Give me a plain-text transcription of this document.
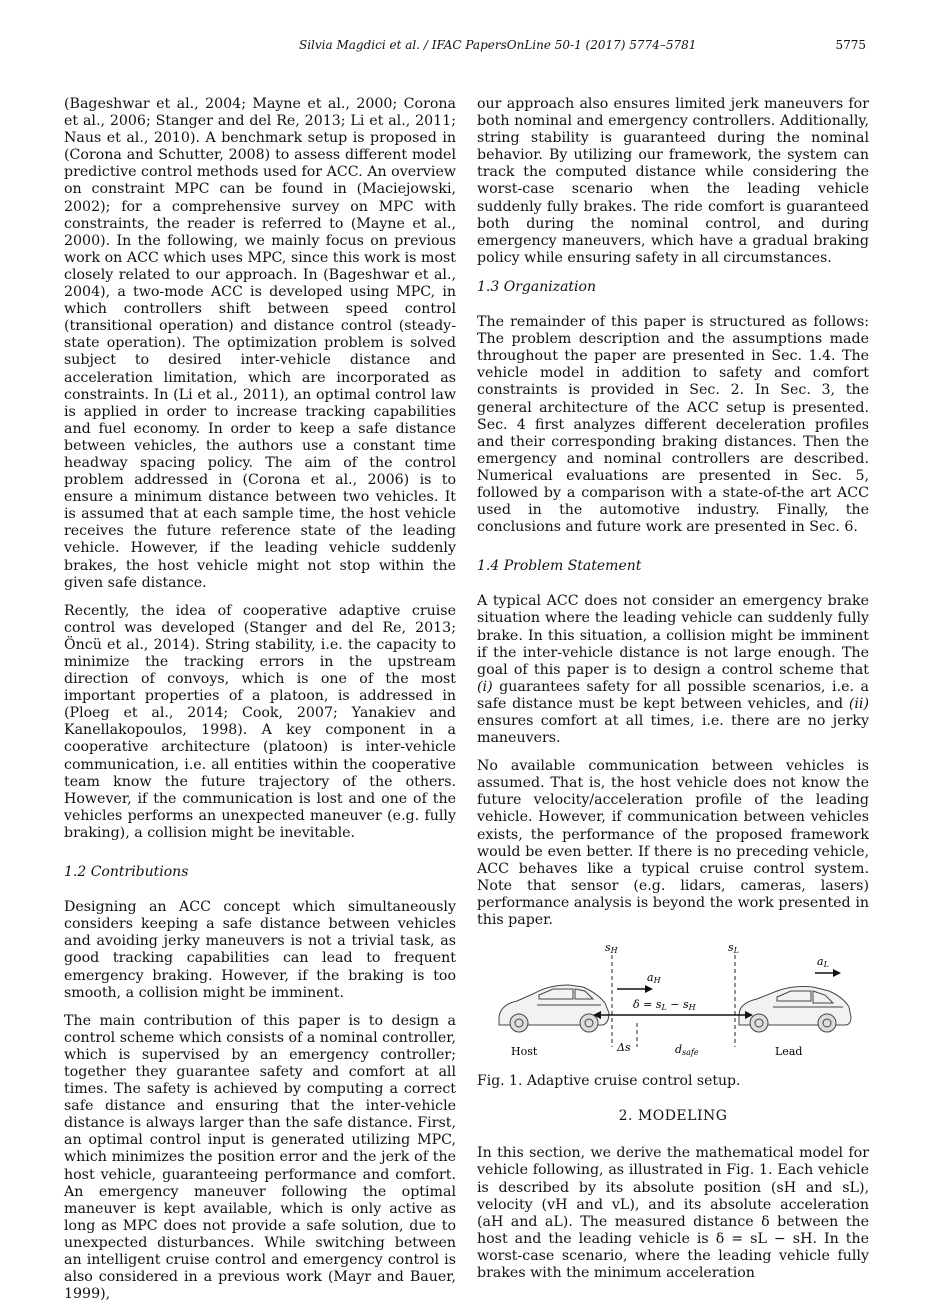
Silvia Magdici et al. / IFAC PapersOnLine 50-1 (2017) 5774–5781	5775

(Bageshwar et al., 2004; Mayne et al., 2000; Corona et al., 2006; Stanger and del Re, 2013; Li et al., 2011; Naus et al., 2010). A benchmark setup is proposed in (Corona and Schutter, 2008) to assess different model predictive control methods used for ACC. An overview on constraint MPC can be found in (Maciejowski, 2002); for a comprehensive survey on MPC with constraints, the reader is referred to (Mayne et al., 2000). In the following, we mainly focus on previous work on ACC which uses MPC, since this work is most closely related to our approach. In (Bageshwar et al., 2004), a two-mode ACC is developed using MPC, in which controllers shift between speed control (transitional operation) and distance control (steady-state operation). The optimization problem is solved subject to desired inter-vehicle distance and acceleration limitation, which are incorporated as constraints. In (Li et al., 2011), an optimal control law is applied in order to increase tracking capabilities and fuel economy. In order to keep a safe distance between vehicles, the authors use a constant time headway spacing policy. The aim of the control problem addressed in (Corona et al., 2006) is to ensure a minimum distance between two vehicles. It is assumed that at each sample time, the host vehicle receives the future reference state of the leading vehicle. However, if the leading vehicle suddenly brakes, the host vehicle might not stop within the given safe distance.

Recently, the idea of cooperative adaptive cruise control was developed (Stanger and del Re, 2013; Öncü et al., 2014). String stability, i.e. the capacity to minimize the tracking errors in the upstream direction of convoys, which is one of the most important properties of a platoon, is addressed in (Ploeg et al., 2014; Cook, 2007; Yanakiev and Kanellakopoulos, 1998). A key component in a cooperative architecture (platoon) is inter-vehicle communication, i.e. all entities within the cooperative team know the future trajectory of the others. However, if the communication is lost and one of the vehicles performs an unexpected maneuver (e.g. fully braking), a collision might be inevitable.

1.2 Contributions

Designing an ACC concept which simultaneously considers keeping a safe distance between vehicles and avoiding jerky maneuvers is not a trivial task, as good tracking capabilities can lead to frequent emergency braking. However, if the braking is too smooth, a collision might be imminent.

The main contribution of this paper is to design a control scheme which consists of a nominal controller, which is supervised by an emergency controller; together they guarantee safety and comfort at all times. The safety is achieved by computing a correct safe distance and ensuring that the inter-vehicle distance is always larger than the safe distance. First, an optimal control input is generated utilizing MPC, which minimizes the position error and the jerk of the host vehicle, guaranteeing performance and comfort. An emergency maneuver following the optimal maneuver is kept available, which is only active as long as MPC does not provide a safe solution, due to unexpected disturbances. While switching between an intelligent cruise control and emergency control is also considered in a previous work (Mayr and Bauer, 1999),

our approach also ensures limited jerk maneuvers for both nominal and emergency controllers. Additionally, string stability is guaranteed during the nominal behavior. By utilizing our framework, the system can track the computed distance while considering the worst-case scenario when the leading vehicle suddenly fully brakes. The ride comfort is guaranteed both during the nominal control, and during emergency maneuvers, which have a gradual braking policy while ensuring safety in all circumstances.

1.3 Organization

The remainder of this paper is structured as follows: The problem description and the assumptions made throughout the paper are presented in Sec. 1.4. The vehicle model in addition to safety and comfort constraints is provided in Sec. 2. In Sec. 3, the general architecture of the ACC setup is presented. Sec. 4 first analyzes different deceleration profiles and their corresponding braking distances. Then the emergency and nominal controllers are described. Numerical evaluations are presented in Sec. 5, followed by a comparison with a state-of-the art ACC used in the automotive industry. Finally, the conclusions and future work are presented in Sec. 6.

1.4 Problem Statement

A typical ACC does not consider an emergency brake situation where the leading vehicle can suddenly fully brake. In this situation, a collision might be imminent if the inter-vehicle distance is not large enough. The goal of this paper is to design a control scheme that (i) guarantees safety for all possible scenarios, i.e. a safe distance must be kept between vehicles, and (ii) ensures comfort at all times, i.e. there are no jerky maneuvers.

No available communication between vehicles is assumed. That is, the host vehicle does not know the future velocity/acceleration profile of the leading vehicle. However, if communication between vehicles exists, the performance of the proposed framework would be even better. If there is no preceding vehicle, ACC behaves like a typical cruise control system. Note that sensor (e.g. lidars, cameras, lasers) performance analysis is beyond the work presented in this paper.

sH	sL
aH
aL
δ = sL − sH
Δs	dsafe
Host	Lead
Fig. 1. Adaptive cruise control setup.
2. MODELING

In this section, we derive the mathematical model for vehicle following, as illustrated in Fig. 1. Each vehicle is described by its absolute position (sH and sL), velocity (vH and vL), and its absolute acceleration (aH and aL). The measured distance δ between the host and the leading vehicle is δ = sL − sH. In the worst-case scenario, where the leading vehicle fully brakes with the minimum acceleration
